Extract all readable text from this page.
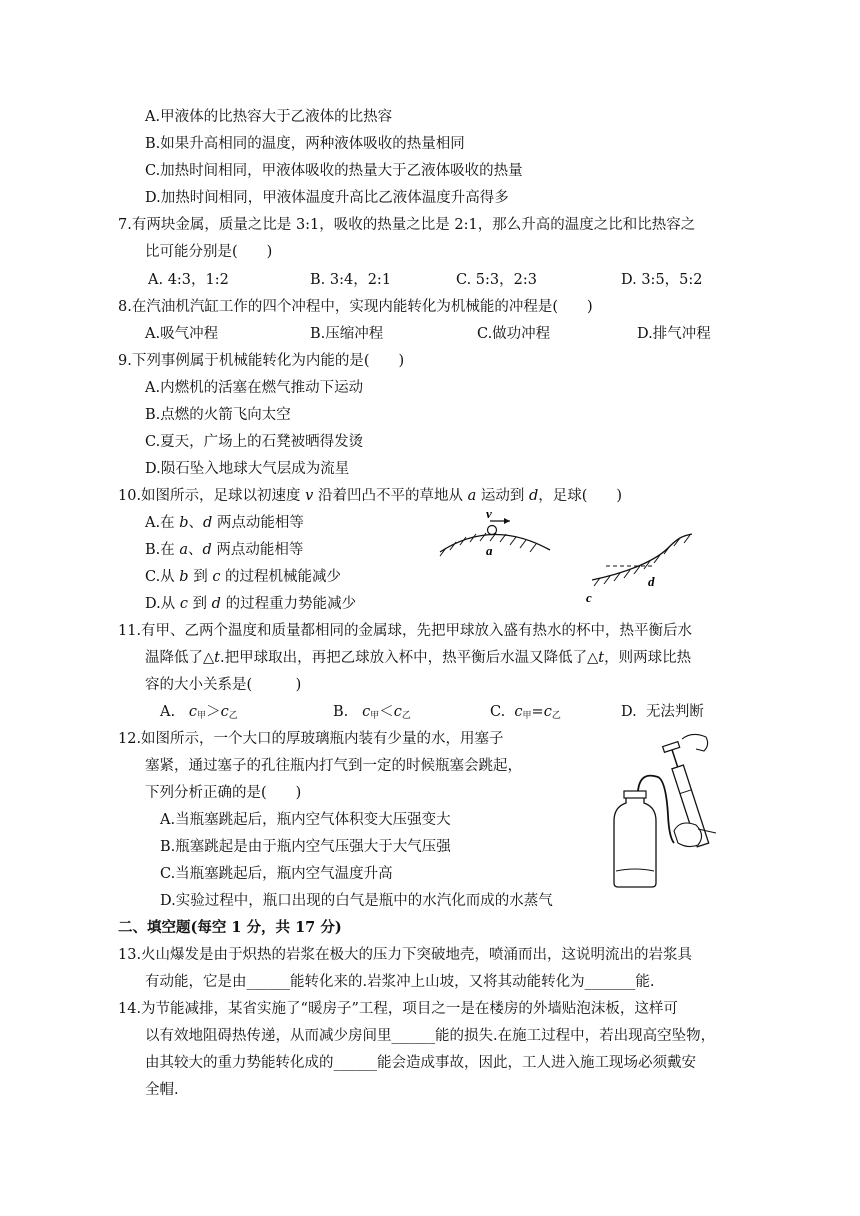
A.甲液体的比热容大于乙液体的比热容
B.如果升高相同的温度，两种液体吸收的热量相同
C.加热时间相同，甲液体吸收的热量大于乙液体吸收的热量
D.加热时间相同，甲液体温度升高比乙液体温度升高得多
7.有两块金属，质量之比是 3:1，吸收的热量之比是 2:1，那么升高的温度之比和比热容之
比可能分别是(　　)
A. 4:3，1:2	B. 3:4，2:1	C. 5:3，2:3	D. 3:5，5:2
8.在汽油机汽缸工作的四个冲程中，实现内能转化为机械能的冲程是(　　)
A.吸气冲程	B.压缩冲程	C.做功冲程	D.排气冲程
9.下列事例属于机械能转化为内能的是(　　)
A.内燃机的活塞在燃气推动下运动
B.点燃的火箭飞向太空
C.夏天，广场上的石凳被晒得发烫
D.陨石坠入地球大气层成为流星
10.如图所示，足球以初速度 v 沿着凹凸不平的草地从 a 运动到 d，足球(　　)
A.在 b、d 两点动能相等
B.在 a、d 两点动能相等
C.从 b 到 c 的过程机械能减少
D.从 c 到 d 的过程重力势能减少
v
a
d
c
11.有甲、乙两个温度和质量都相同的金属球，先把甲球放入盛有热水的杯中，热平衡后水
温降低了△t.把甲球取出，再把乙球放入杯中，热平衡后水温又降低了△t，则两球比热
容的大小关系是(　　　)
A. $c_甲>c_乙$	B. $c_甲<c_乙$	C. $c_甲=c_乙$	D. 无法判断
12.如图所示，一个大口的厚玻璃瓶内装有少量的水，用塞子
塞紧，通过塞子的孔往瓶内打气到一定的时候瓶塞会跳起，
下列分析正确的是(　　)
A.当瓶塞跳起后，瓶内空气体积变大压强变大
B.瓶塞跳起是由于瓶内空气压强大于大气压强
C.当瓶塞跳起后，瓶内空气温度升高
D.实验过程中，瓶口出现的白气是瓶中的水汽化而成的水蒸气
二、填空题(每空 1 分，共 17 分)
13.火山爆发是由于炽热的岩浆在极大的压力下突破地壳，喷涌而出，这说明流出的岩浆具
有动能，它是由______能转化来的.岩浆冲上山坡，又将其动能转化为_______能.
14.为节能减排，某省实施了“暖房子”工程，项目之一是在楼房的外墙贴泡沫板，这样可
以有效地阻碍热传递，从而减少房间里______能的损失.在施工过程中，若出现高空坠物，
由其较大的重力势能转化成的______能会造成事故，因此，工人进入施工现场必须戴安
全帽.
